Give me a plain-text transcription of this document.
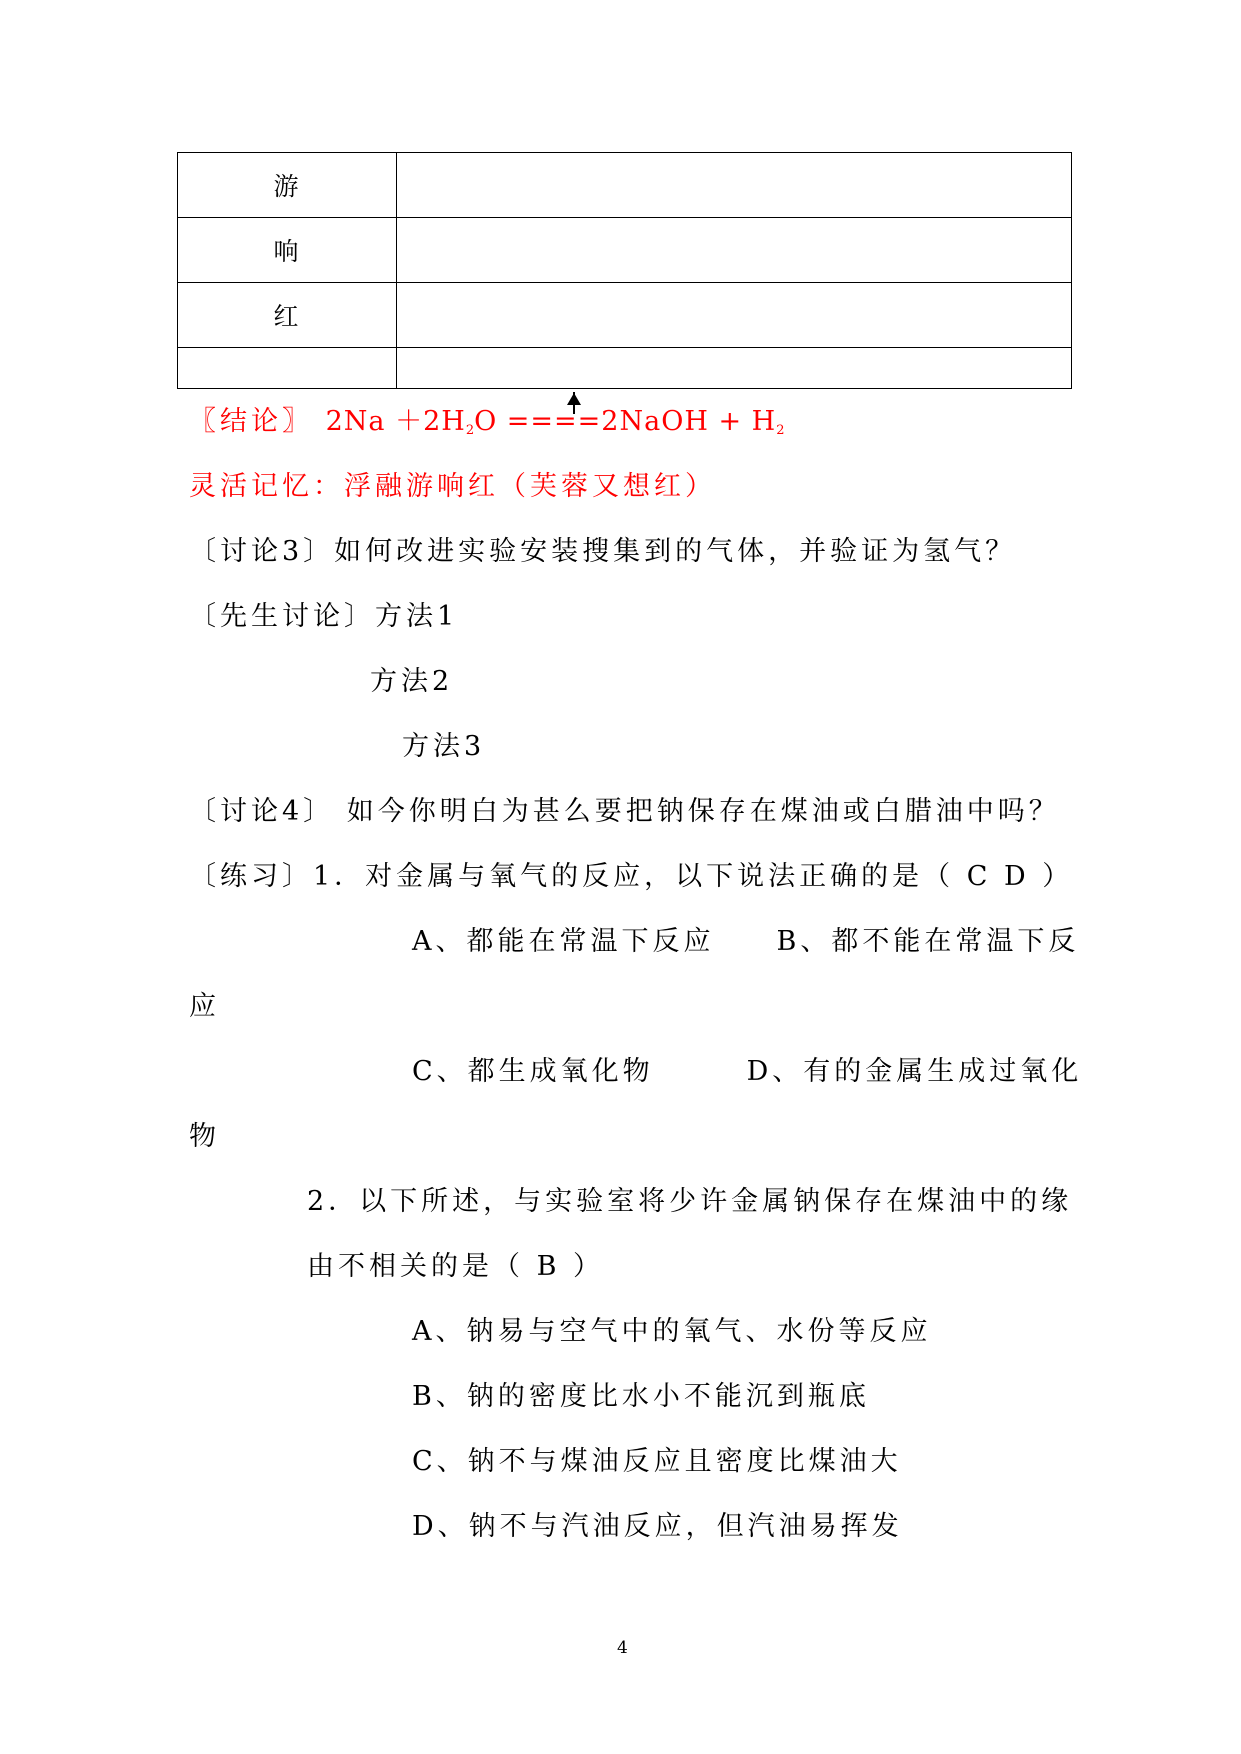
游	
响	
红	

〖结论〗 $2Na +2H_2O$ ====2NaOH + $H_2$
灵活记忆：浮融游响红（芙蓉又想红）
〔讨论3〕如何改进实验安装搜集到的气体，并验证为氢气？
〔先生讨论〕方法1
方法2
方法3
〔讨论4〕 如今你明白为甚么要把钠保存在煤油或白腊油中吗？
〔练习〕1．对金属与氧气的反应，以下说法正确的是（ C D ）
A、都能在常温下反应　　B、都不能在常温下反
应
C、都生成氧化物　　　D、有的金属生成过氧化
物
2．以下所述，与实验室将少许金属钠保存在煤油中的缘
由不相关的是（ B ）
A、钠易与空气中的氧气、水份等反应
B、钠的密度比水小不能沉到瓶底
C、钠不与煤油反应且密度比煤油大
D、钠不与汽油反应，但汽油易挥发
4
